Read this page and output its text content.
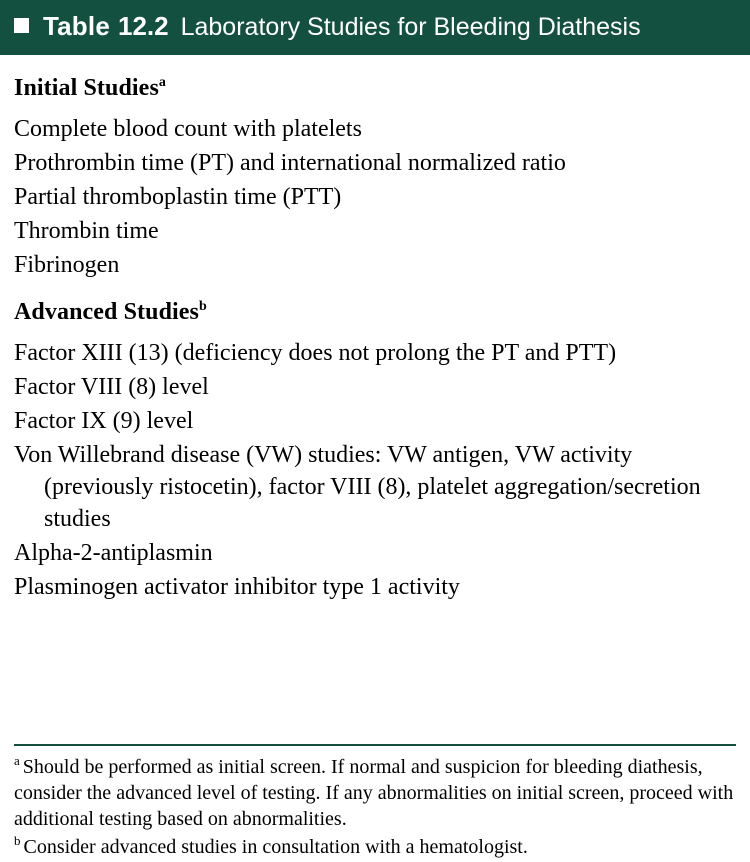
Table 12.2 Laboratory Studies for Bleeding Diathesis
Initial Studies$^a$
Complete blood count with platelets
Prothrombin time (PT) and international normalized ratio
Partial thromboplastin time (PTT)
Thrombin time
Fibrinogen
Advanced Studies$^b$
Factor XIII (13) (deficiency does not prolong the PT and PTT)
Factor VIII (8) level
Factor IX (9) level
Von Willebrand disease (VW) studies: VW antigen, VW activity (previously ristocetin), factor VIII (8), platelet aggregation/secretion studies
Alpha-2-antiplasmin
Plasminogen activator inhibitor type 1 activity

$^a$ Should be performed as initial screen. If normal and suspicion for bleeding diathesis, consider the advanced level of testing. If any abnormalities on initial screen, proceed with additional testing based on abnormalities.

$^b$ Consider advanced studies in consultation with a hematologist.
